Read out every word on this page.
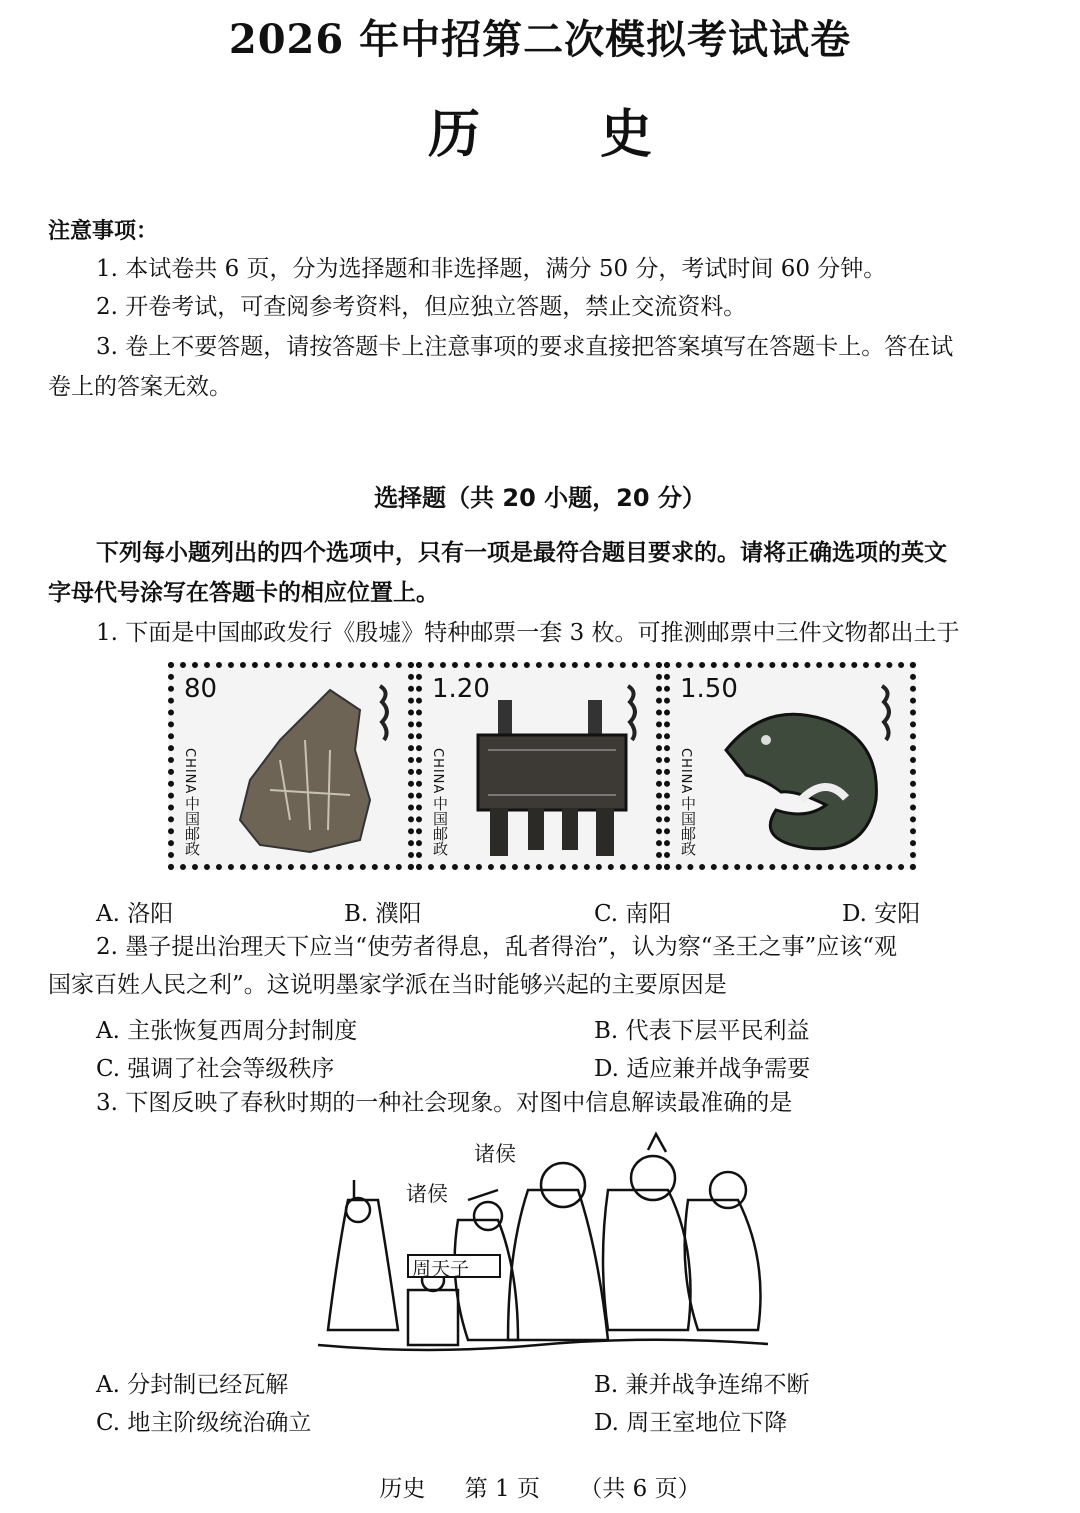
2026 年中招第二次模拟考试试卷
历 史
注意事项：
1. 本试卷共 6 页，分为选择题和非选择题，满分 50 分，考试时间 60 分钟。
2. 开卷考试，可查阅参考资料，但应独立答题，禁止交流资料。
3. 卷上不要答题，请按答题卡上注意事项的要求直接把答案填写在答题卡上。答在试
卷上的答案无效。
选择题（共 20 小题，20 分）
下列每小题列出的四个选项中，只有一项是最符合题目要求的。请将正确选项的英文
字母代号涂写在答题卡的相应位置上。
1. 下面是中国邮政发行《殷墟》特种邮票一套 3 枚。可推测邮票中三件文物都出土于
80
CHINA
中国邮政
1.20
CHINA
中国邮政
1.50
CHINA
中国邮政
A. 洛阳	B. 濮阳	C. 南阳	D. 安阳
2. 墨子提出治理天下应当“使劳者得息，乱者得治”，认为察“圣王之事”应该“观
国家百姓人民之利”。这说明墨家学派在当时能够兴起的主要原因是
A. 主张恢复西周分封制度	B. 代表下层平民利益
C. 强调了社会等级秩序	D. 适应兼并战争需要
3. 下图反映了春秋时期的一种社会现象。对图中信息解读最准确的是
诸侯
诸侯
周天子
A. 分封制已经瓦解	B. 兼并战争连绵不断
C. 地主阶级统治确立	D. 周王室地位下降
历史 第 1 页 （共 6 页）
